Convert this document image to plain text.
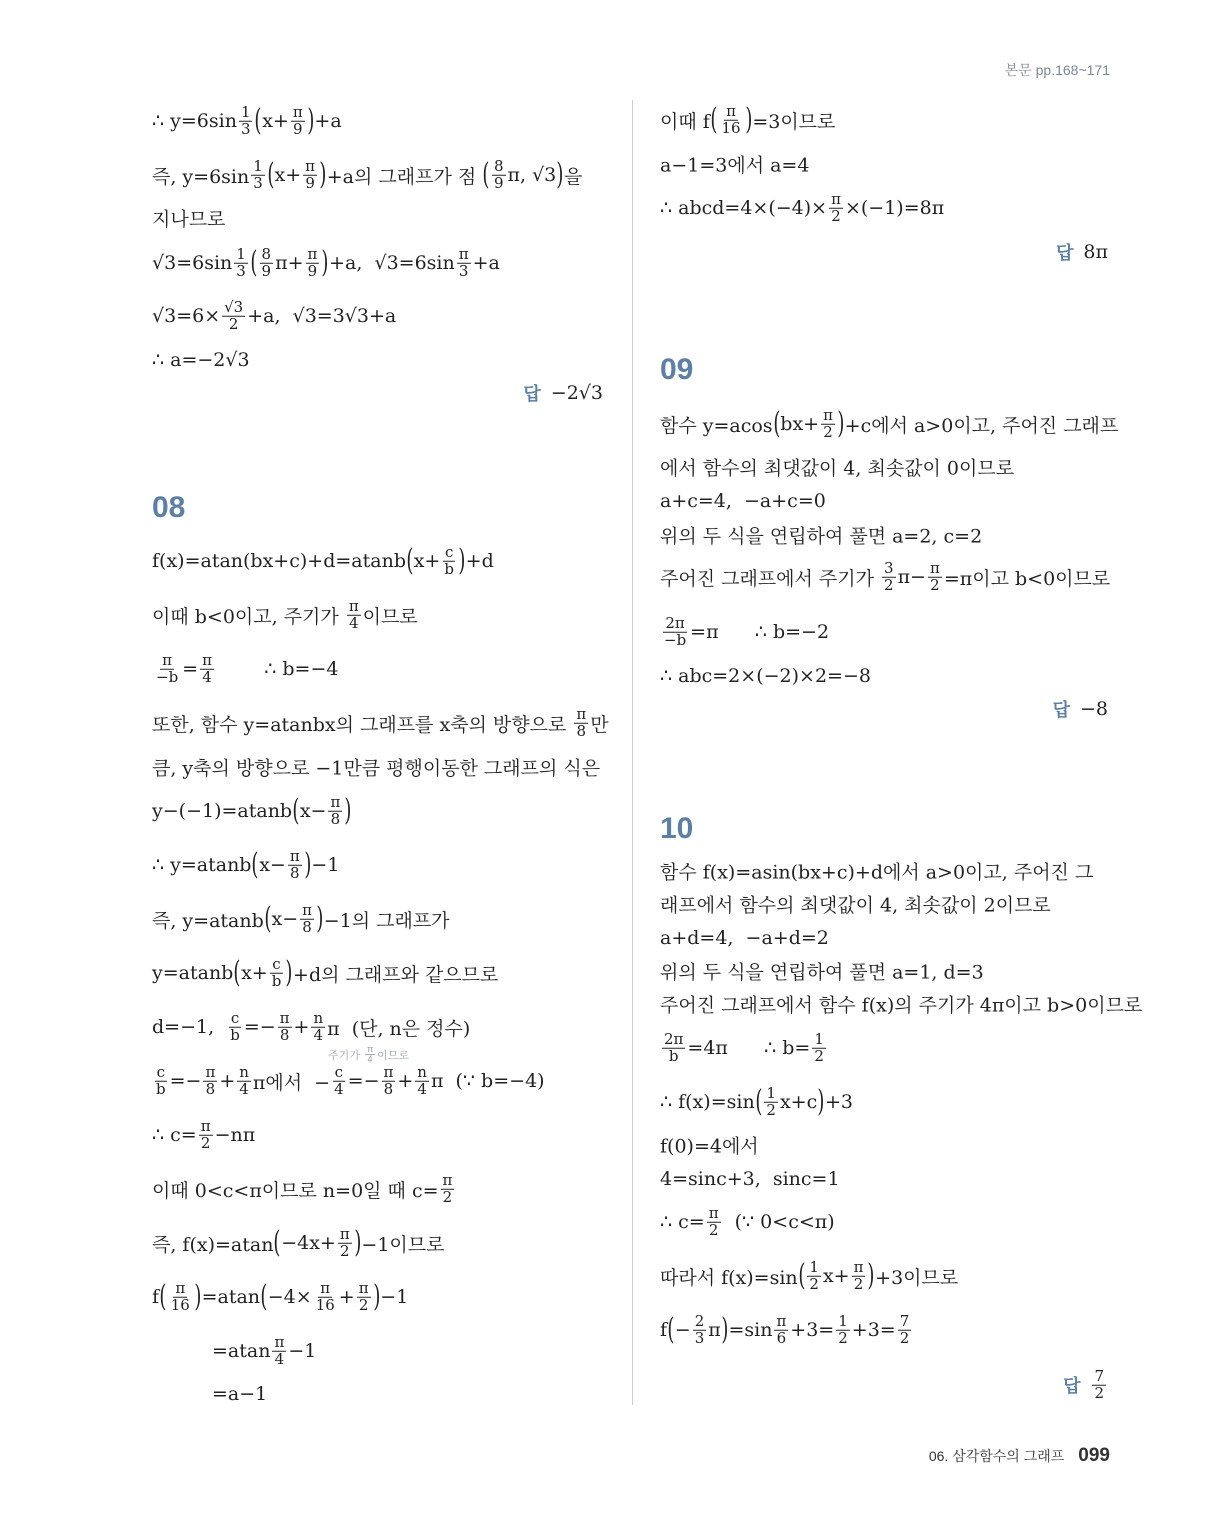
본문 pp.168~171
∴ $y=6\sin \frac{1}{3}$ ( $x+ \frac{\pi}{9}$ ) +a
즉, $y=6\sin \frac{1}{3}$ ( $x+ \frac{\pi}{9}$ ) +a의 그래프가 점 ( $\frac{8}{9} \pi$, √3 ) 을
지나므로
$√3=6\sin \frac{1}{3}$ ( $\frac{8}{9} \pi+ \frac{\pi}{9}$ ) +a,  $√3=6\sin \frac{\pi}{3} +a$
$√3=6\times \frac{√3}{2} +a$,  √3=3√3+a
∴ a=−2√3
답 −2√3
08
f(x)=atan(bx+c)+d=atanb ( $x+ \frac{c}{b}$ ) +d
이때 b<0이고, 주기가 $\frac{\pi}{4}$ 이므로
$\frac{\pi}{-b} = \frac{\pi}{4}$ ∴ b=−4
또한, 함수 y=atanbx의 그래프를 x축의 방향으로 $\frac{\pi}{8}$ 만
큼, y축의 방향으로 −1만큼 평행이동한 그래프의 식은
y−(−1)=atanb ( $x- \frac{\pi}{8}$ )
∴ y=atanb ( $x- \frac{\pi}{8}$ ) −1
즉, y=atanb ( $x- \frac{\pi}{8}$ ) −1의 그래프가
y=atanb ( $x+ \frac{c}{b}$ ) +d의 그래프와 같으므로
d=−1, $\frac{c}{b} =- \frac{\pi}{8} + \frac{n}{4}$ π  (단, n은 정수)
주기가 $\frac{\pi}{4}$ 이므로
$\frac{c}{b} =- \frac{\pi}{8} + \frac{n}{4}$ π에서  − $\frac{c}{4} =- \frac{\pi}{8} + \frac{n}{4}$ π  (∵ b=−4)
∴ $c= \frac{\pi}{2} -n\pi$
이때 0<c<π이므로 n=0일 때 $c= \frac{\pi}{2}$
즉, f(x)=atan ( $-4x+ \frac{\pi}{2}$ ) −1이므로
f ( $\frac{\pi}{16}$ ) =atan ( $-4\times \frac{\pi}{16} + \frac{\pi}{2}$ ) −1
$=atan \frac{\pi}{4} -1$
=a−1
이때 f ( $\frac{\pi}{16}$ ) =3이므로
a−1=3에서 a=4
∴ abcd=4×(−4)× $\frac{\pi}{2} \times(-1)=8\pi$
답 8π
09
함수 y=acos ( $bx+ \frac{\pi}{2}$ ) +c에서 a>0이고, 주어진 그래프
에서 함수의 최댓값이 4, 최솟값이 0이므로
a+c=4,  −a+c=0
위의 두 식을 연립하여 풀면 a=2, c=2
주어진 그래프에서 주기가 $\frac{3}{2} \pi- \frac{\pi}{2} =\pi$이고 b<0이므로
$\frac{2\pi}{-b} =\pi$      ∴ b=−2
∴ abc=2×(−2)×2=−8
답 −8
10
함수 f(x)=asin(bx+c)+d에서 a>0이고, 주어진 그
래프에서 함수의 최댓값이 4, 최솟값이 2이므로
a+d=4,  −a+d=2
위의 두 식을 연립하여 풀면 a=1, d=3
주어진 그래프에서 함수 f(x)의 주기가 4π이고 b>0이므로
$\frac{2\pi}{b} =4\pi$      ∴ $b= \frac{1}{2}$
∴ f(x)=sin ( $\frac{1}{2} x+c$ ) +3
f(0)=4에서
4=sinc+3,  sinc=1
∴ $c= \frac{\pi}{2}$ (∵ 0<c<π)
따라서 f(x)=sin ( $\frac{1}{2} x+ \frac{\pi}{2}$ ) +3이므로
f ( − $\frac{2}{3}$ π ) $=\sin \frac{\pi}{6} +3= \frac{1}{2} +3= \frac{7}{2}$
답 $\frac{7}{2}$
06. 삼각함수의 그래프 099
